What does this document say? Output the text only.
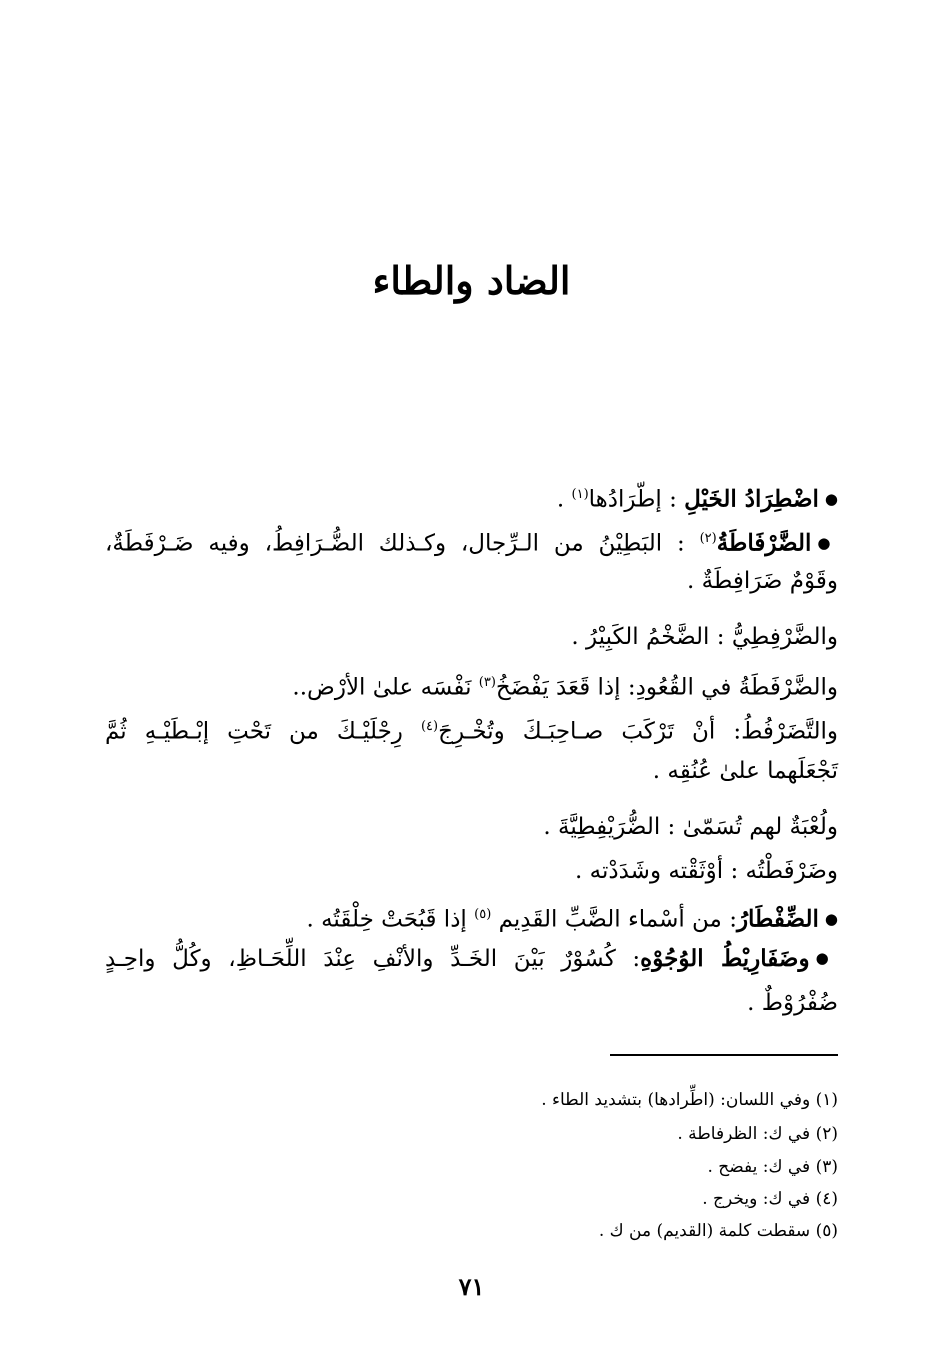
الضاد والطاء
●اضْطِرَادُ الخَيْلِ : إطّرَادُها$^{(١)}$ .
●الضَّرْفَاطَةُ$^{(٢)}$ : البَطِيْنُ من الـرِّجال، وكـذلك الضُّـرَافِطُ، وفيه ضَـرْفَطَةٌ،
وقَوْمٌ ضَرَافِطَةٌ .
والضَّرْفِطِيُّ : الضَّخْمُ الكَبِيْرُ .
والضَّرْفَطَةُ في القُعُودِ: إذا قَعَدَ يَفْضَخُ$^{(٣)}$ نَفْسَه علىٰ الأرْض..
والتَّضَرْفُطُ: أنْ تَرْكَبَ صـاحِبَـكَ وتُخْـرِجَ$^{(٤)}$ رِجْلَيْـكَ من تَحْتِ إبْـطَيْـهِ ثُمَّ
تَجْعَلَهما علىٰ عُنُقِه .
ولُعْبَةٌ لهم تُسَمّىٰ : الضُّرَيْفِطِيَّةَ .
وضَرْفَطْتُه : أوْثَقْته وشَدَدْته .
●الضِّفْطَارُ: من أسْماء الضَّبِّ القَدِيم $^{(٥)}$ إذا قَبُحَتْ خِلْقَتُه .
●وضَفَارِيْطُ الوُجُوْهِ: كُسُوْرٌ بَيْنَ الخَـدِّ والأنْفِ عِنْدَ اللِّحَـاظِ، وكُلُّ واحِـدٍ
ضُفْرُوْطٌ .
(١) وفي اللسان: (اطِّرادها) بتشديد الطاء .
(٢) في ك: الظرفاطة .
(٣) في ك: يفضح .
(٤) في ك: ويخرج .
(٥) سقطت كلمة (القديم) من ك .
٧١
